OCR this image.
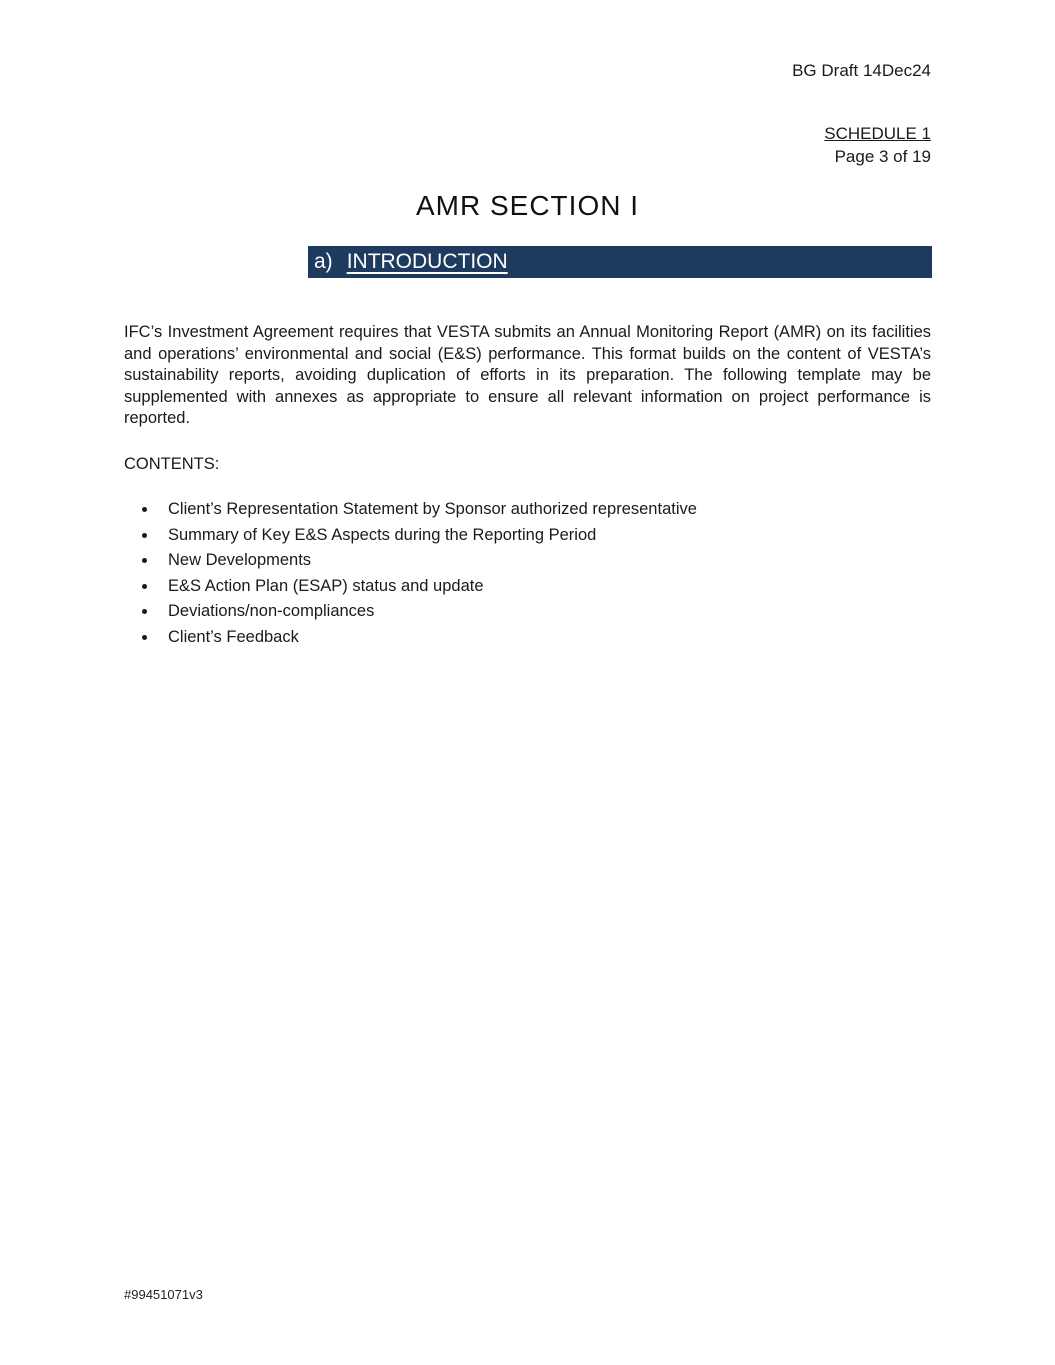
BG Draft 14Dec24
SCHEDULE 1
Page 3 of 19
AMR SECTION I
a) INTRODUCTION
IFC’s Investment Agreement requires that VESTA submits an Annual Monitoring Report (AMR) on its facilities and operations’ environmental and social (E&S) performance. This format builds on the content of VESTA’s sustainability reports, avoiding duplication of efforts in its preparation. The following template may be supplemented with annexes as appropriate to ensure all relevant information on project performance is reported.
CONTENTS:
• Client’s Representation Statement by Sponsor authorized representative
• Summary of Key E&S Aspects during the Reporting Period
• New Developments
• E&S Action Plan (ESAP) status and update
• Deviations/non-compliances
• Client’s Feedback
#99451071v3
